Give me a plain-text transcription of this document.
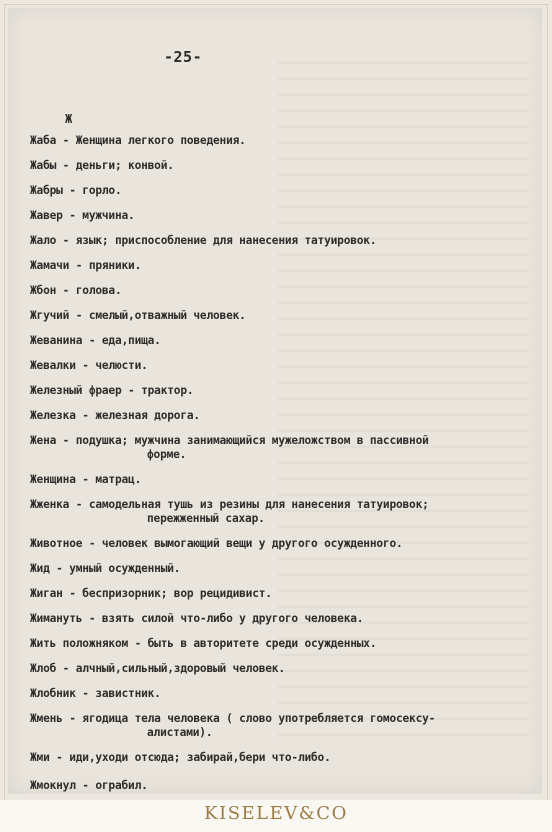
-25-
Ж
Жаба - Женщина легкого поведения.
Жабы - деньги; конвой.
Жабры - горло.
Жавер - мужчина.
Жало - язык; приспособление для нанесения татуировок.
Жамачи - пряники.
Жбон - голова.
Жгучий - смелый,отважный человек.
Жеванина - еда,пища.
Жевалки - челюсти.
Железный фраер - трактор.
Железка - железная дорога.
Жена - подушка; мужчина занимающийся мужеложством в пассивной
форме.
Женщина - матрац.
Жженка - самодельная тушь из резины для нанесения татуировок;
пережженный сахар.
Животное - человек вымогающий вещи у другого осужденного.
Жид - умный осужденный.
Жиган - беспризорник; вор рецидивист.
Жимануть - взять силой что-либо у другого человека.
Жить положняком - быть в авторитете среди осужденных.
Жлоб - алчный,сильный,здоровый человек.
Жлобник - завистник.
Жмень - ягодица тела человека ( слово употребляется гомосексу-
алистами).
Жми - иди,уходи отсюда; забирай,бери что-либо.
Жмокнул - ограбил.
KISELEV&CO
